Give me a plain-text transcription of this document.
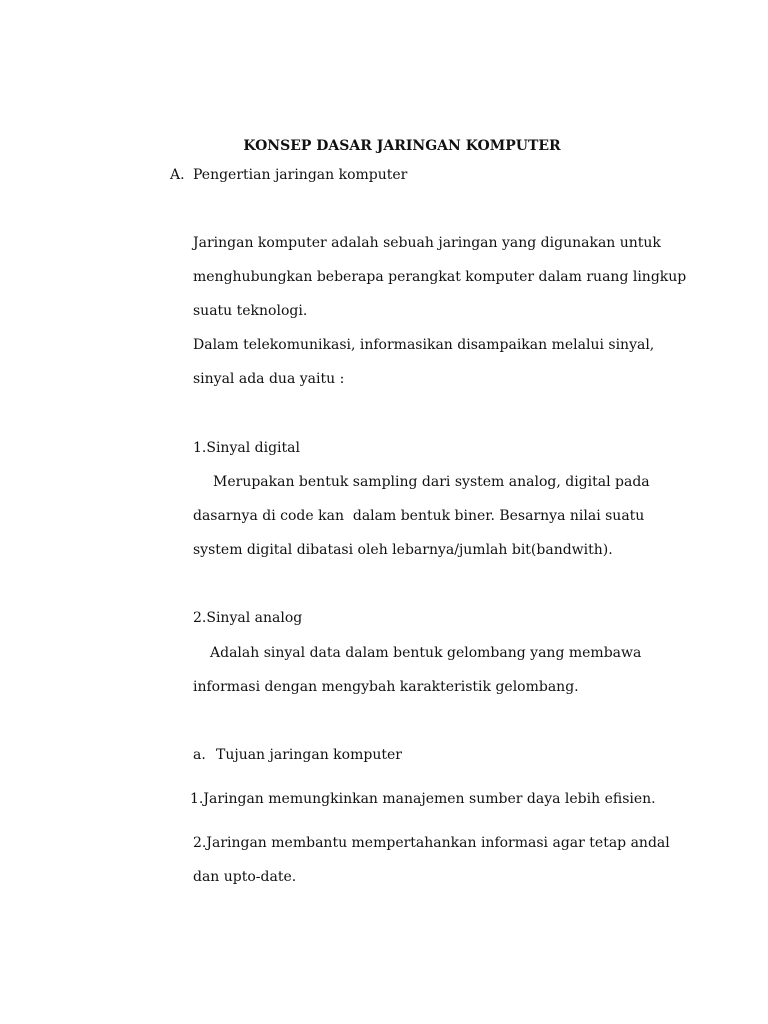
KONSEP DASAR JARINGAN KOMPUTER
A. Pengertian jaringan komputer
Jaringan komputer adalah sebuah jaringan yang digunakan untuk
menghubungkan beberapa perangkat komputer dalam ruang lingkup
suatu teknologi.
Dalam telekomunikasi, informasikan disampaikan melalui sinyal,
sinyal ada dua yaitu :
1.Sinyal digital
Merupakan bentuk sampling dari system analog, digital pada
dasarnya di code kan  dalam bentuk biner. Besarnya nilai suatu
system digital dibatasi oleh lebarnya/jumlah bit(bandwith).
2.Sinyal analog
Adalah sinyal data dalam bentuk gelombang yang membawa
informasi dengan mengybah karakteristik gelombang.
a. Tujuan jaringan komputer
1.Jaringan memungkinkan manajemen sumber daya lebih efisien.
2.Jaringan membantu mempertahankan informasi agar tetap andal
dan upto-date.
